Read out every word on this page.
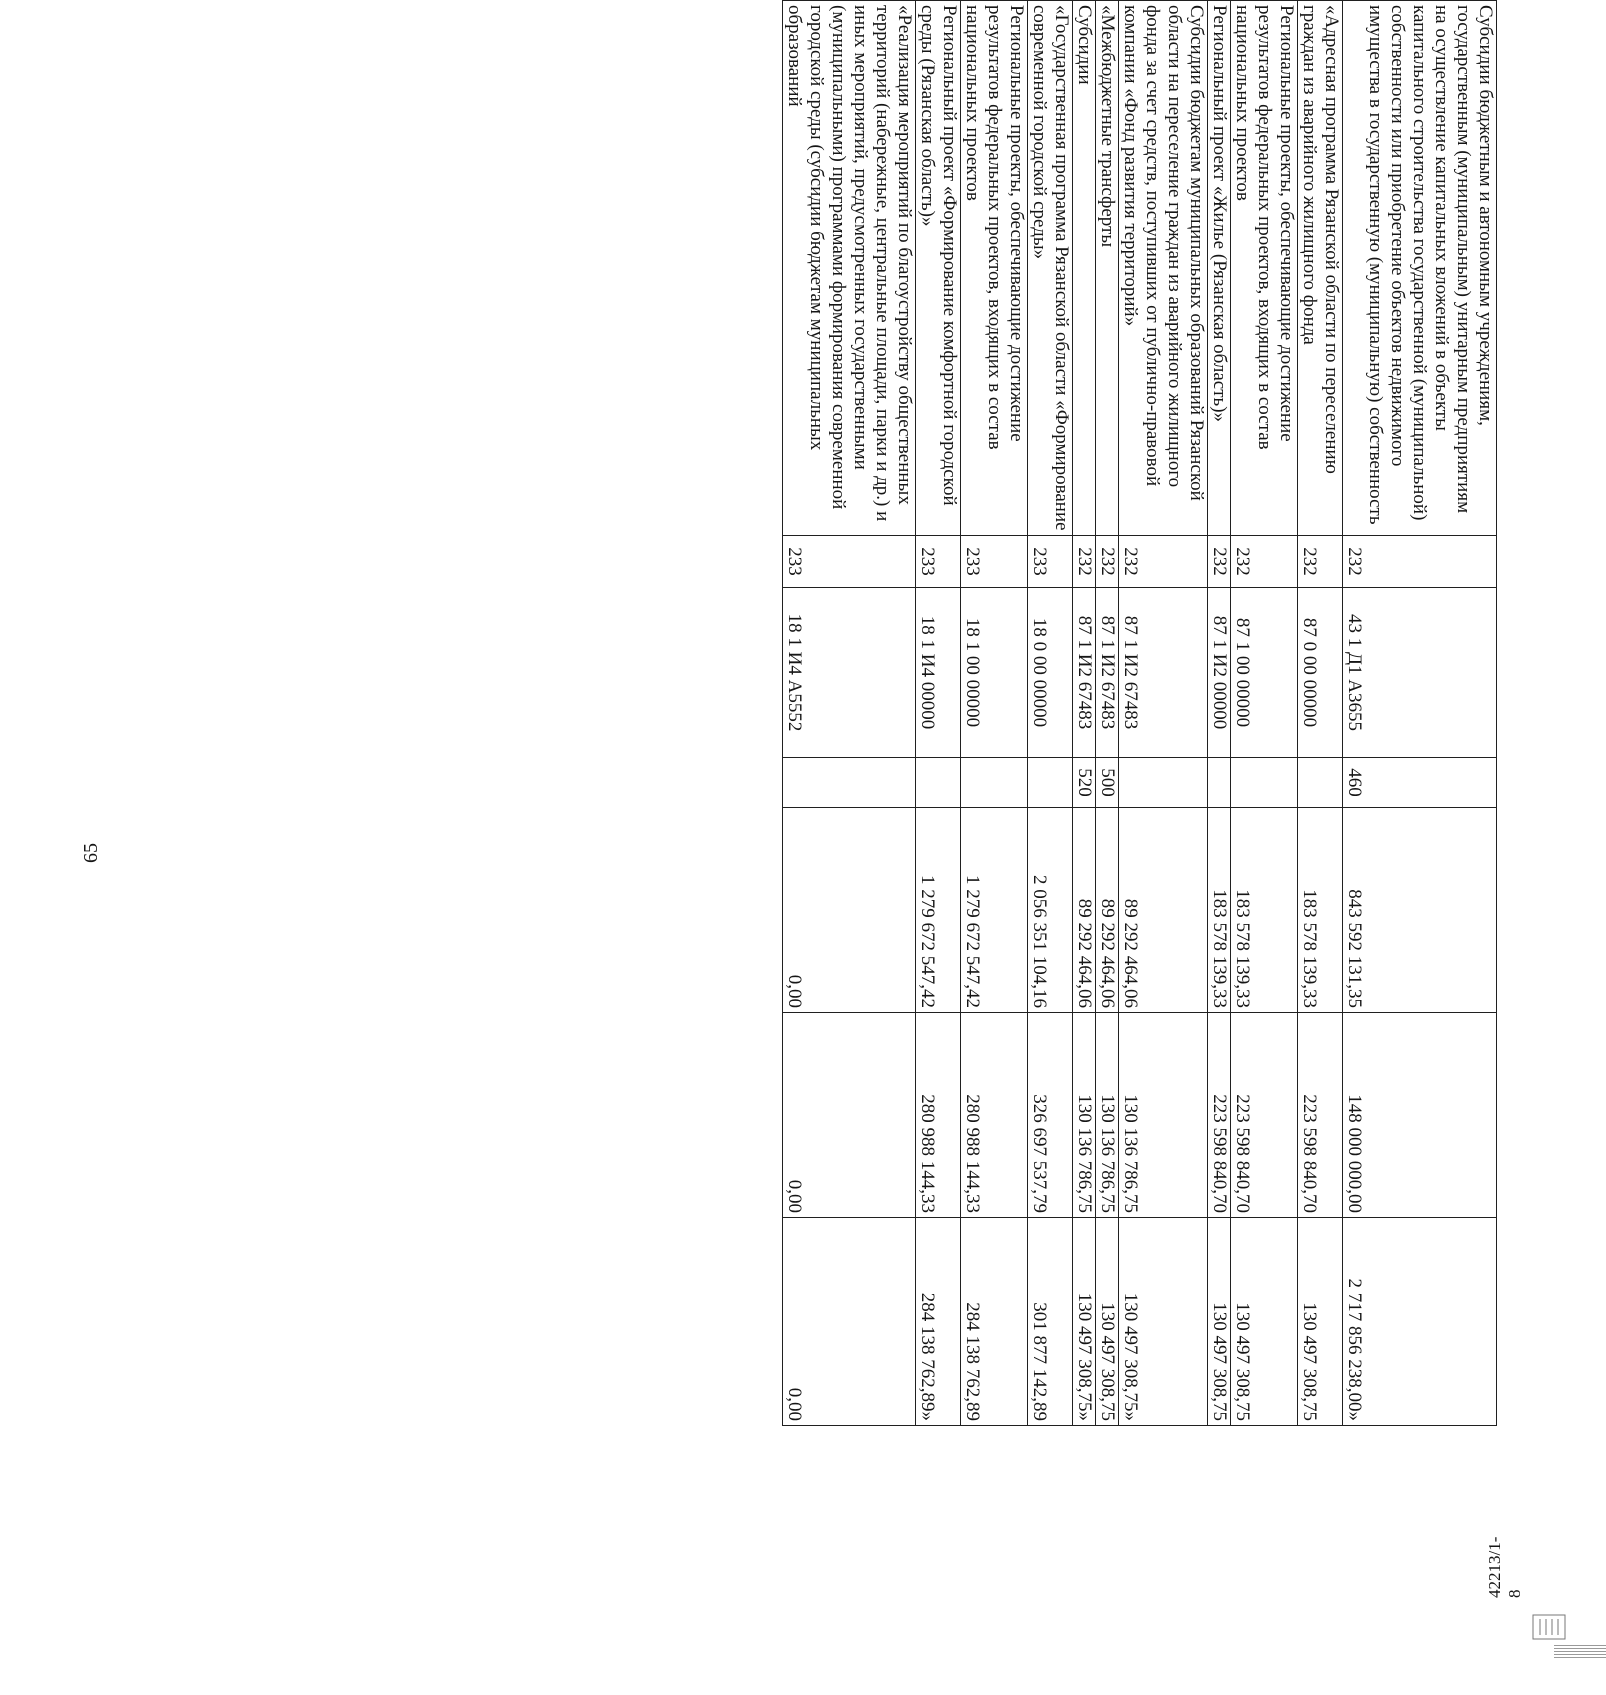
65
Субсидии бюджетным и автономным учреждениям, государственным (муниципальным) унитарным предприятиям на осуществление капитальных вложений в объекты капитального строительства государственной (муниципальной) собственности или приобретение объектов недвижимого имущества в государственную (муниципальную) собственность	232	43 1 Д1 А3655	460	843 592 131,35	148 000 000,00	2 717 856 238,00»
«Адресная программа Рязанской области по переселению граждан из аварийного жилищного фонда	232	87 0 00 00000		183 578 139,33	223 598 840,70	130 497 308,75
Региональные проекты, обеспечивающие достижение результатов федеральных проектов, входящих в состав национальных проектов	232	87 1 00 00000		183 578 139,33	223 598 840,70	130 497 308,75
Региональный проект «Жилье (Рязанская область)»	232	87 1 И2 00000		183 578 139,33	223 598 840,70	130 497 308,75
Субсидии бюджетам муниципальных образований Рязанской области на переселение граждан из аварийного жилищного фонда за счет средств, поступивших от публично-правовой компании «Фонд развития территорий»	232	87 1 И2 67483		89 292 464,06	130 136 786,75	130 497 308,75»
«Межбюджетные трансферты	232	87 1 И2 67483	500	89 292 464,06	130 136 786,75	130 497 308,75
Субсидии	232	87 1 И2 67483	520	89 292 464,06	130 136 786,75	130 497 308,75»
«Государственная программа Рязанской области «Формирование современной городской среды»	233	18 0 00 00000		2 056 351 104,16	326 697 537,79	301 877 142,89
Региональные проекты, обеспечивающие достижение результатов федеральных проектов, входящих в состав национальных проектов	233	18 1 00 00000		1 279 672 547,42	280 988 144,33	284 138 762,89
Региональный проект «Формирование комфортной городской среды (Рязанская область)»	233	18 1 И4 00000		1 279 672 547,42	280 988 144,33	284 138 762,89»
«Реализация мероприятий по благоустройству общественных территорий (набережные, центральные площади, парки и др.) и иных мероприятий, предусмотренных государственными (муниципальными) программами формирования современной городской среды (субсидии бюджетам муниципальных образований	233	18 1 И4 А5552		0,00	0,00	0,00
42213/1-8
